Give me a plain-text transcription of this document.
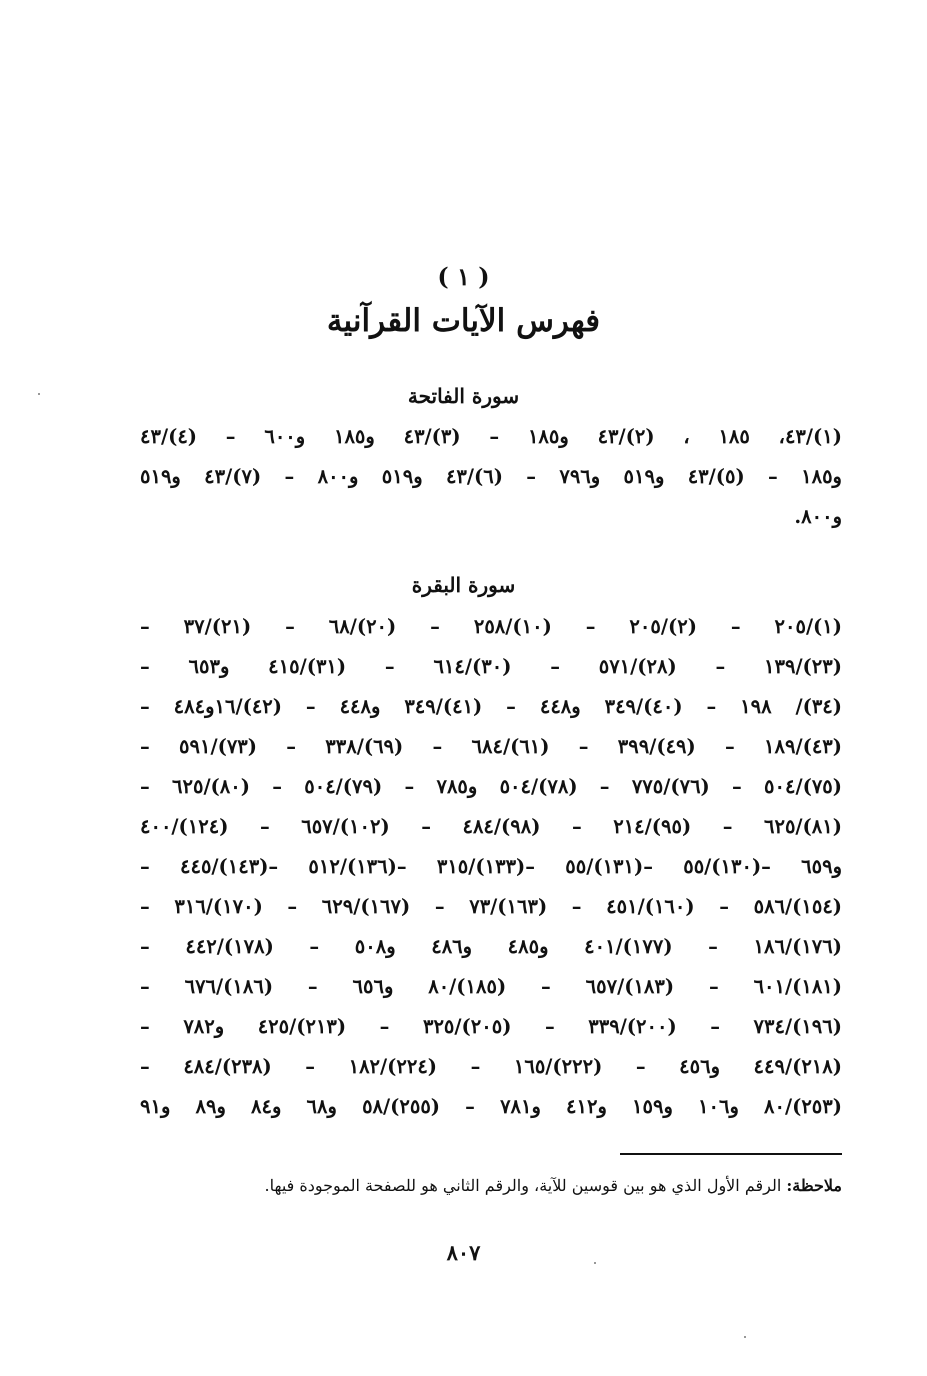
( ١ )
فهرس الآيات القرآنية
سورة الفاتحة
(١)/٤٣، ١٨٥ ، (٢)/٤٣ و١٨٥ – (٣)/٤٣ و١٨٥ و٦٠٠ – (٤)/٤٣
و١٨٥ – (٥)/٤٣ و٥١٩ و٧٩٦ – (٦)/٤٣ و٥١٩ و٨٠٠ – (٧)/٤٣ و٥١٩
و٨٠٠.
سورة البقرة
(١)/٢٠٥ – (٢)/٢٠٥ – (١٠)/٢٥٨ – (٢٠)/٦٨ – (٢١)/٣٧ –
(٢٣)/١٣٩ – (٢٨)/٥٧١ – (٣٠)/٦١٤ – (٣١)/٤١٥ و٦٥٣ –
(٣٤)/ ١٩٨ – (٤٠)/٣٤٩ و٤٤٨ – (٤١)/٣٤٩ و٤٤٨ – (٤٢)/١٦و٤٨٤ –
(٤٣)/١٨٩ – (٤٩)/٣٩٩ – (٦١)/٦٨٤ – (٦٩)/٣٣٨ – (٧٣)/٥٩١ –
(٧٥)/٥٠٤ – (٧٦)/٧٧٥ – (٧٨)/٥٠٤ و٧٨٥ – (٧٩)/٥٠٤ – (٨٠)/٦٢٥ –
(٨١)/٦٢٥ – (٩٥)/٢١٤ – (٩٨)/٤٨٤ – (١٠٢)/٦٥٧ – (١٢٤)/٤٠٠
و٦٥٩ –(١٣٠)/٥٥ –(١٣١)/٥٥ –(١٣٣)/٣١٥ –(١٣٦)/٥١٢ –(١٤٣)/٤٤٥ –
(١٥٤)/٥٨٦ – (١٦٠)/٤٥١ – (١٦٣)/٧٣ – (١٦٧)/٦٢٩ – (١٧٠)/٣١٦ –
(١٧٦)/١٨٦ – (١٧٧)/٤٠١ و٤٨٥ و٤٨٦ و٥٠٨ – (١٧٨)/٤٤٢ –
(١٨١)/٦٠١ – (١٨٣)/٦٥٧ – (١٨٥)/٨٠ و٦٥٦ – (١٨٦)/٦٧٦ –
(١٩٦)/٧٣٤ – (٢٠٠)/٣٣٩ – (٢٠٥)/٣٢٥ – (٢١٣)/٤٢٥ و٧٨٢ –
(٢١٨)/٤٤٩ و٤٥٦ – (٢٢٢)/١٦٥ – (٢٢٤)/١٨٢ – (٢٣٨)/٤٨٤ –
(٢٥٣)/٨٠ و١٠٦ و١٥٩ و٤١٢ و٧٨١ – (٢٥٥)/٥٨ و٦٨ و٨٤ و٨٩ و٩١
ملاحظة: الرقم الأول الذي هو بين قوسين للآية، والرقم الثاني هو للصفحة الموجودة فيها.
٨٠٧
